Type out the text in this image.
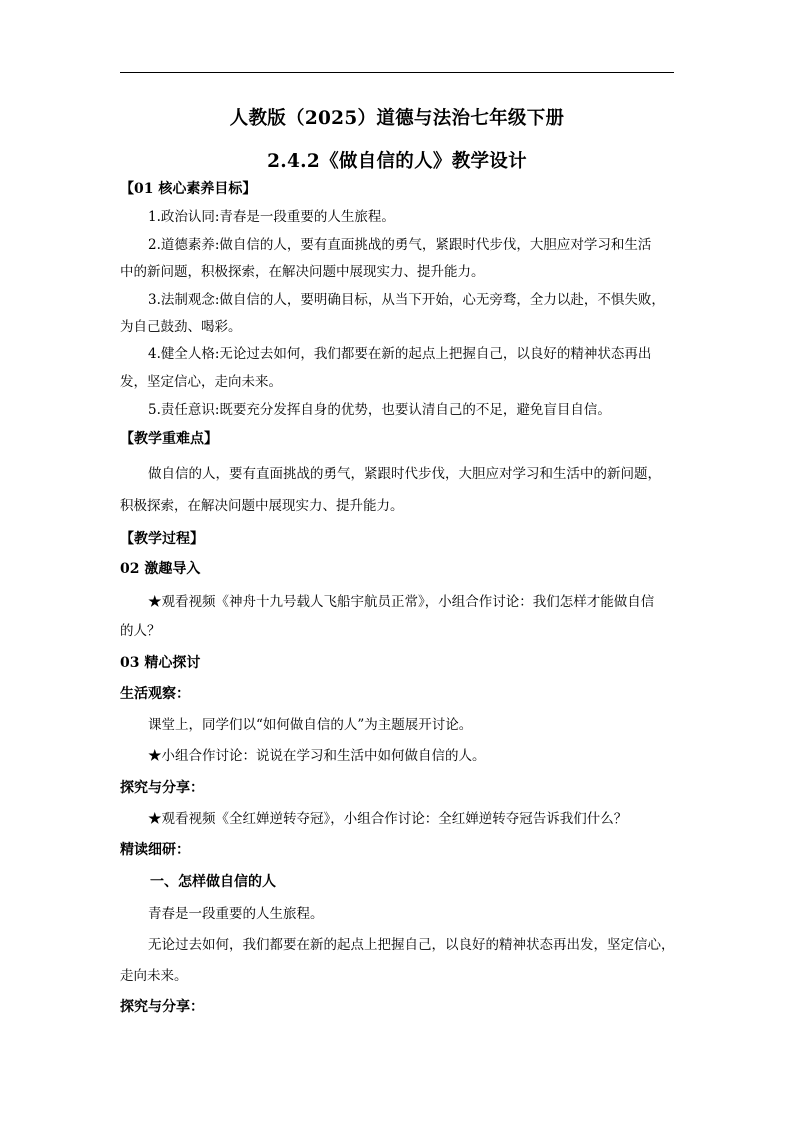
人教版（2025）道德与法治七年级下册
2.4.2《做自信的人》教学设计
【01 核心素养目标】
1.政治认同:青春是一段重要的人生旅程。
2.道德素养:做自信的人，要有直面挑战的勇气，紧跟时代步伐，大胆应对学习和生活
中的新问题，积极探索，在解决问题中展现实力、提升能力。
3.法制观念:做自信的人，要明确目标，从当下开始，心无旁骛，全力以赴，不惧失败，
为自己鼓劲、喝彩。
4.健全人格:无论过去如何，我们都要在新的起点上把握自己，以良好的精神状态再出
发，坚定信心，走向未来。
5.责任意识:既要充分发挥自身的优势，也要认清自己的不足，避免盲目自信。
【教学重难点】
做自信的人，要有直面挑战的勇气，紧跟时代步伐，大胆应对学习和生活中的新问题，
积极探索，在解决问题中展现实力、提升能力。
【教学过程】
02 激趣导入
★观看视频《神舟十九号载人飞船宇航员正常》，小组合作讨论：我们怎样才能做自信
的人？
03 精心探讨
生活观察：
课堂上，同学们以“如何做自信的人”为主题展开讨论。
★小组合作讨论：说说在学习和生活中如何做自信的人。
探究与分享：
★观看视频《全红婵逆转夺冠》，小组合作讨论：全红婵逆转夺冠告诉我们什么？
精读细研：
一、怎样做自信的人
青春是一段重要的人生旅程。
无论过去如何，我们都要在新的起点上把握自己，以良好的精神状态再出发，坚定信心，
走向未来。
探究与分享：
